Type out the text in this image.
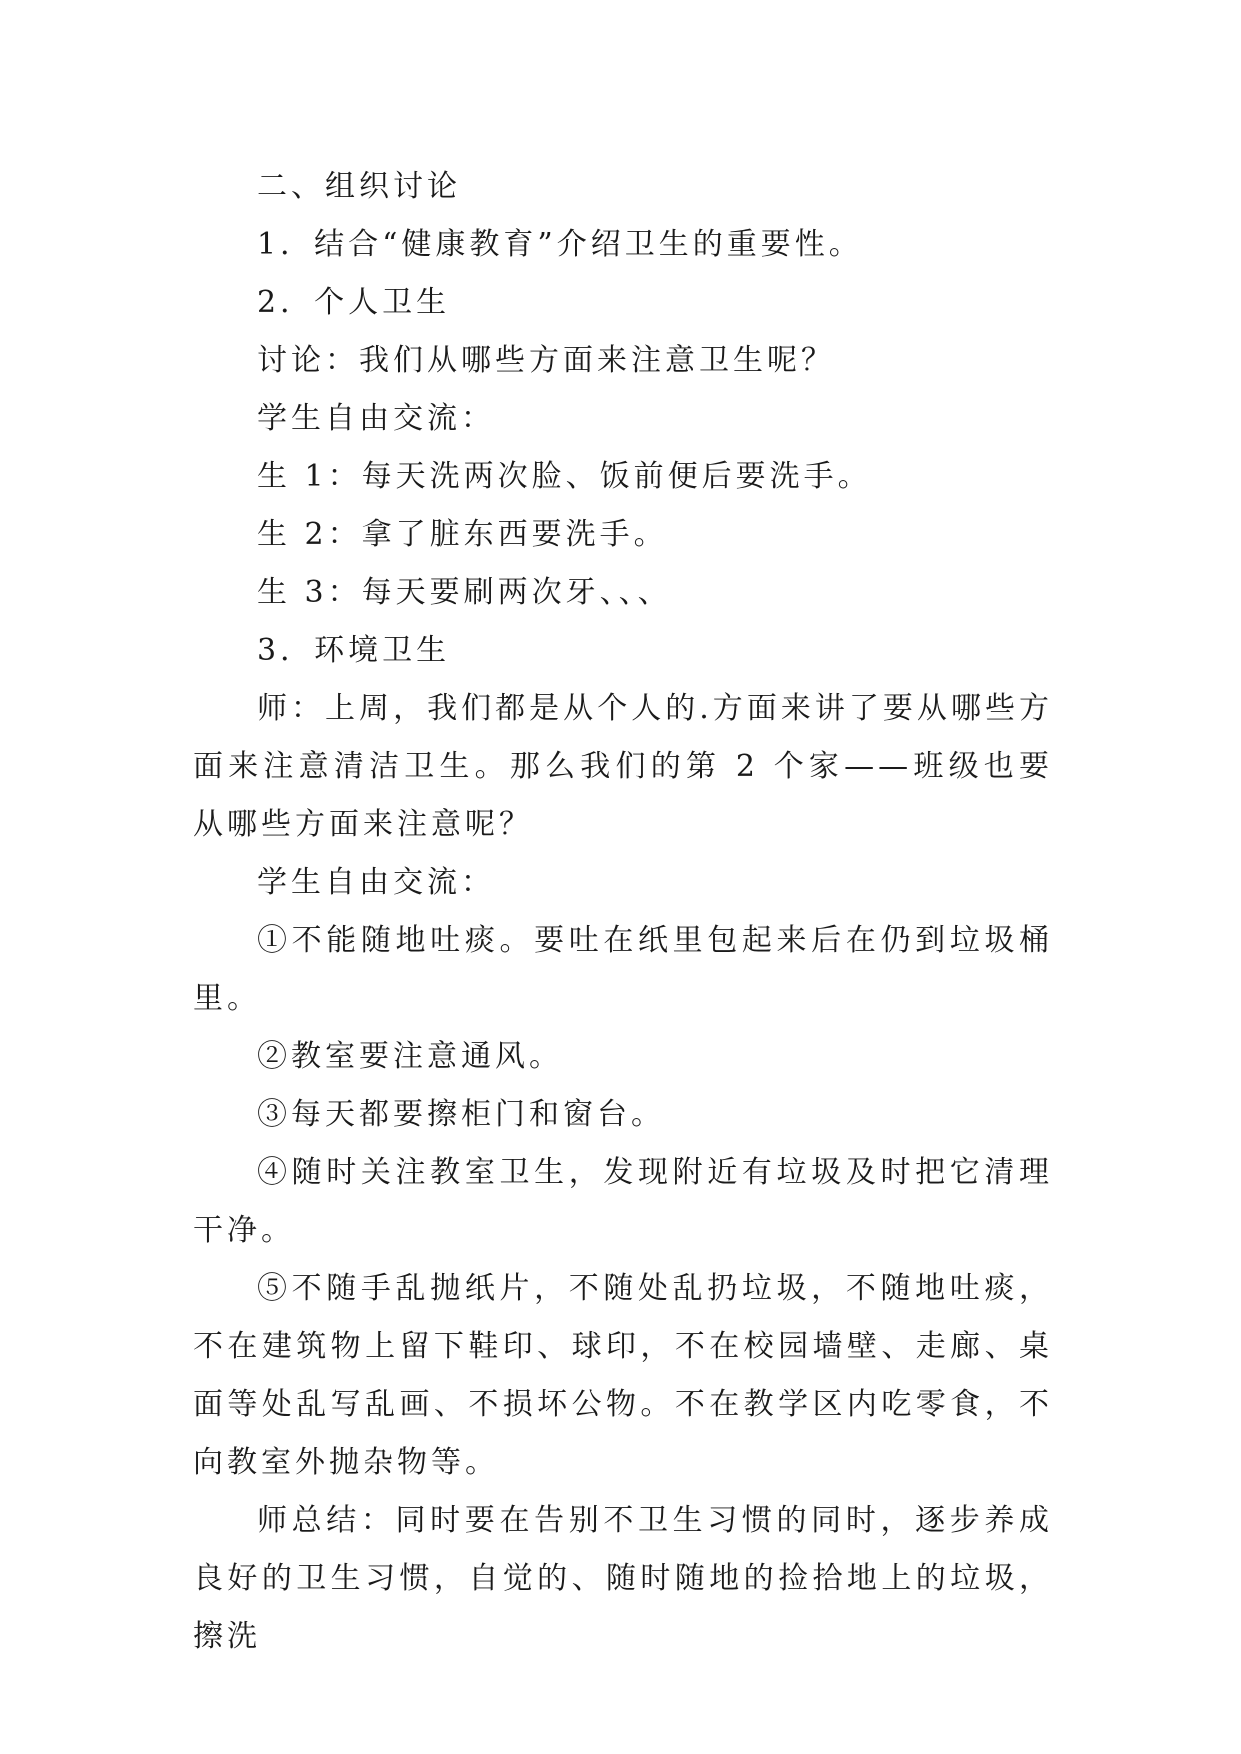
二、组织讨论

1．结合“健康教育”介绍卫生的重要性。

2．个人卫生

讨论：我们从哪些方面来注意卫生呢？

学生自由交流：

生 1：每天洗两次脸、饭前便后要洗手。

生 2：拿了脏东西要洗手。

生 3：每天要刷两次牙、、、

3．环境卫生

师：上周，我们都是从个人的.方面来讲了要从哪些方面来注意清洁卫生。那么我们的第 2 个家——班级也要从哪些方面来注意呢？

学生自由交流：

①不能随地吐痰。要吐在纸里包起来后在仍到垃圾桶里。

②教室要注意通风。

③每天都要擦柜门和窗台。

④随时关注教室卫生，发现附近有垃圾及时把它清理干净。

⑤不随手乱抛纸片，不随处乱扔垃圾，不随地吐痰，不在建筑物上留下鞋印、球印，不在校园墙壁、走廊、桌面等处乱写乱画、不损坏公物。不在教学区内吃零食，不向教室外抛杂物等。

师总结：同时要在告别不卫生习惯的同时，逐步养成良好的卫生习惯，自觉的、随时随地的捡拾地上的垃圾，擦洗
